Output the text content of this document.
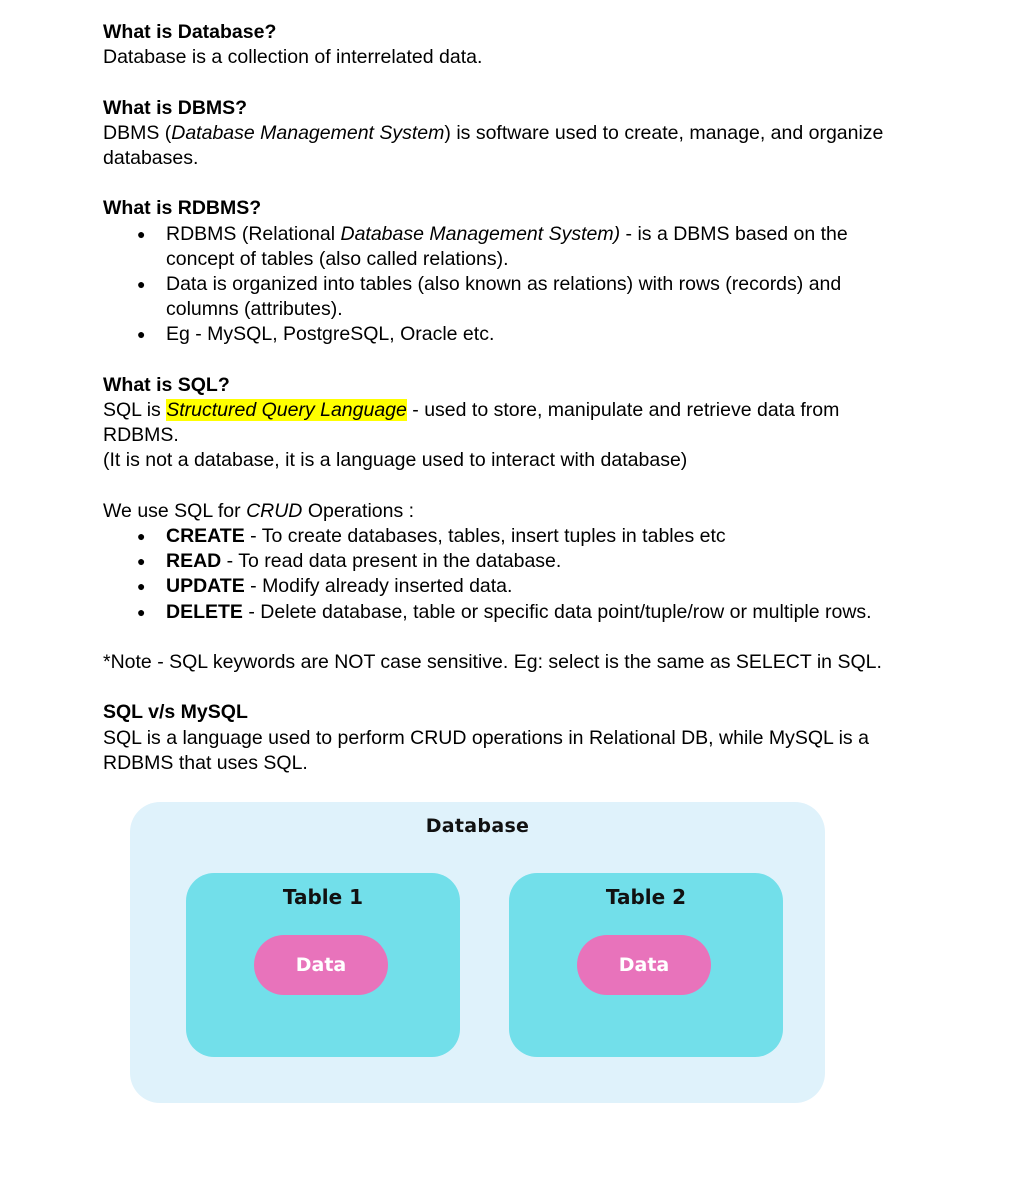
What is Database?

Database is a collection of interrelated data.

What is DBMS?

DBMS (Database Management System) is software used to create, manage, and organize databases.

What is RDBMS?

● RDBMS (Relational Database Management System) - is a DBMS based on the concept of tables (also called relations).
● Data is organized into tables (also known as relations) with rows (records) and columns (attributes).
● Eg - MySQL, PostgreSQL, Oracle etc.

What is SQL?

SQL is Structured Query Language - used to store, manipulate and retrieve data from RDBMS.

(It is not a database, it is a language used to interact with database)

We use SQL for CRUD Operations :

● CREATE - To create databases, tables, insert tuples in tables etc
● READ - To read data present in the database.
● UPDATE - Modify already inserted data.
● DELETE - Delete database, table or specific data point/tuple/row or multiple rows.

*Note - SQL keywords are NOT case sensitive. Eg: select is the same as SELECT in SQL.

SQL v/s MySQL

SQL is a language used to perform CRUD operations in Relational DB, while MySQL is a RDBMS that uses SQL.

Database
Table 1
Data
Table 2
Data
